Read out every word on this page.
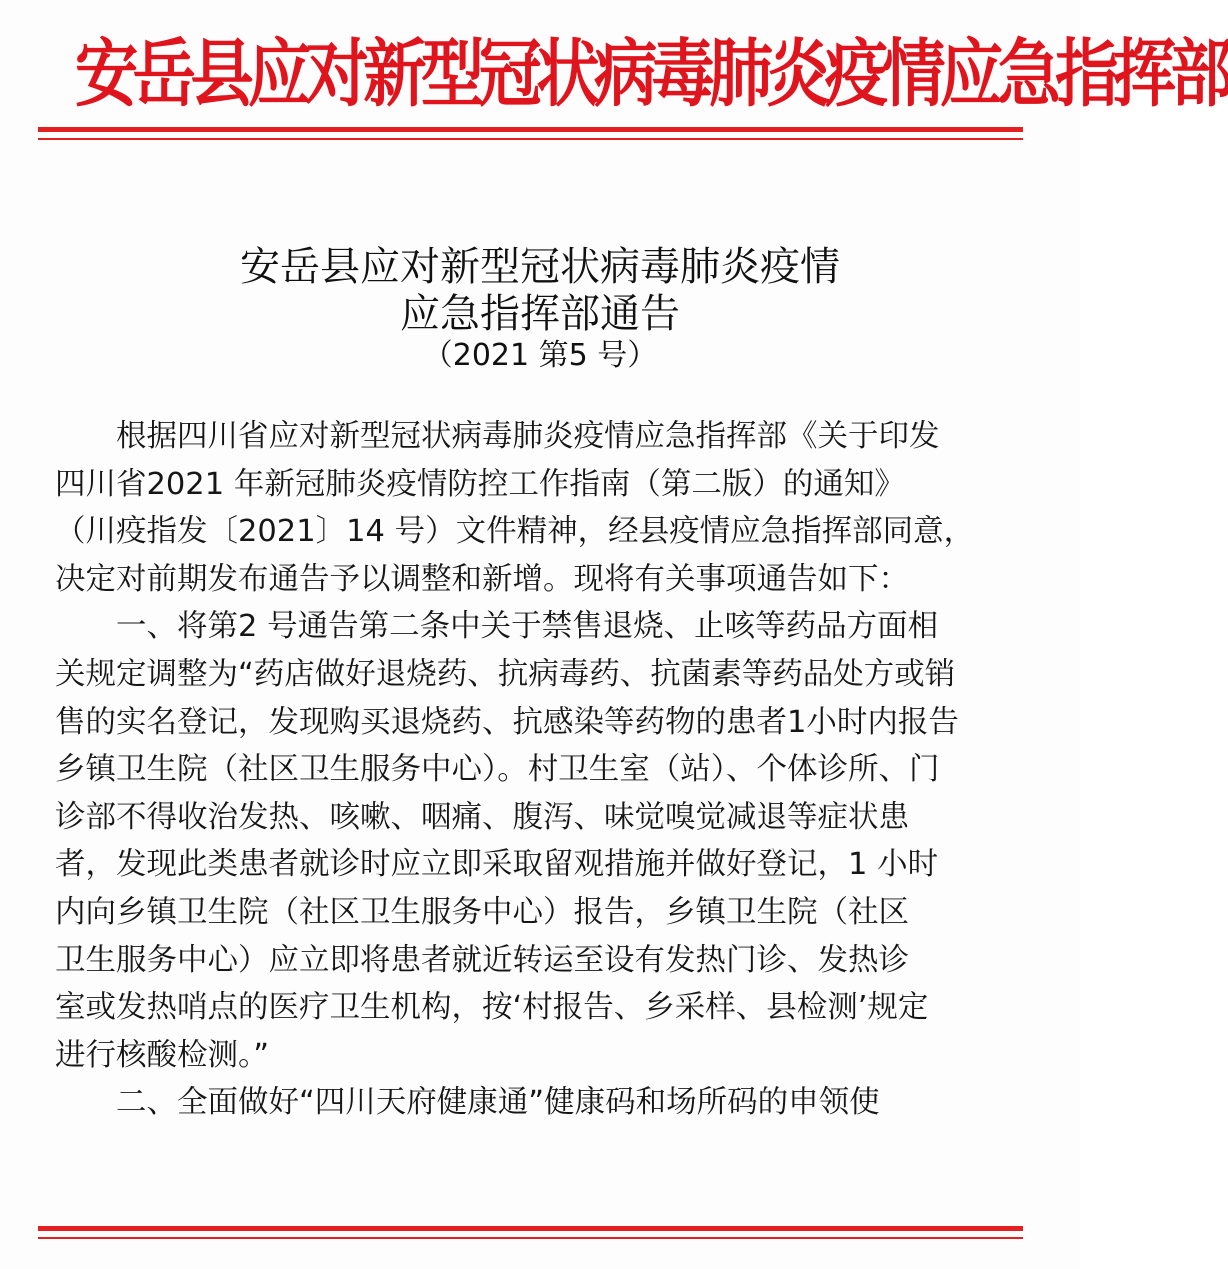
安岳县应对新型冠状病毒肺炎疫情应急指挥部
安岳县应对新型冠状病毒肺炎疫情
应急指挥部通告
（2021 第5 号）
　　根据四川省应对新型冠状病毒肺炎疫情应急指挥部《关于印发
四川省2021 年新冠肺炎疫情防控工作指南（第二版）的通知》
（川疫指发〔2021〕14 号）文件精神，经县疫情应急指挥部同意，
决定对前期发布通告予以调整和新增。现将有关事项通告如下：
　　一、将第2 号通告第二条中关于禁售退烧、止咳等药品方面相
关规定调整为“药店做好退烧药、抗病毒药、抗菌素等药品处方或销
售的实名登记，发现购买退烧药、抗感染等药物的患者1小时内报告
乡镇卫生院（社区卫生服务中心）。村卫生室（站）、个体诊所、门
诊部不得收治发热、咳嗽、咽痛、腹泻、味觉嗅觉减退等症状患
者，发现此类患者就诊时应立即采取留观措施并做好登记，1 小时
内向乡镇卫生院（社区卫生服务中心）报告，乡镇卫生院（社区
卫生服务中心）应立即将患者就近转运至设有发热门诊、发热诊
室或发热哨点的医疗卫生机构，按‘村报告、乡采样、县检测’规定
进行核酸检测。”
　　二、全面做好“四川天府健康通”健康码和场所码的申领使
